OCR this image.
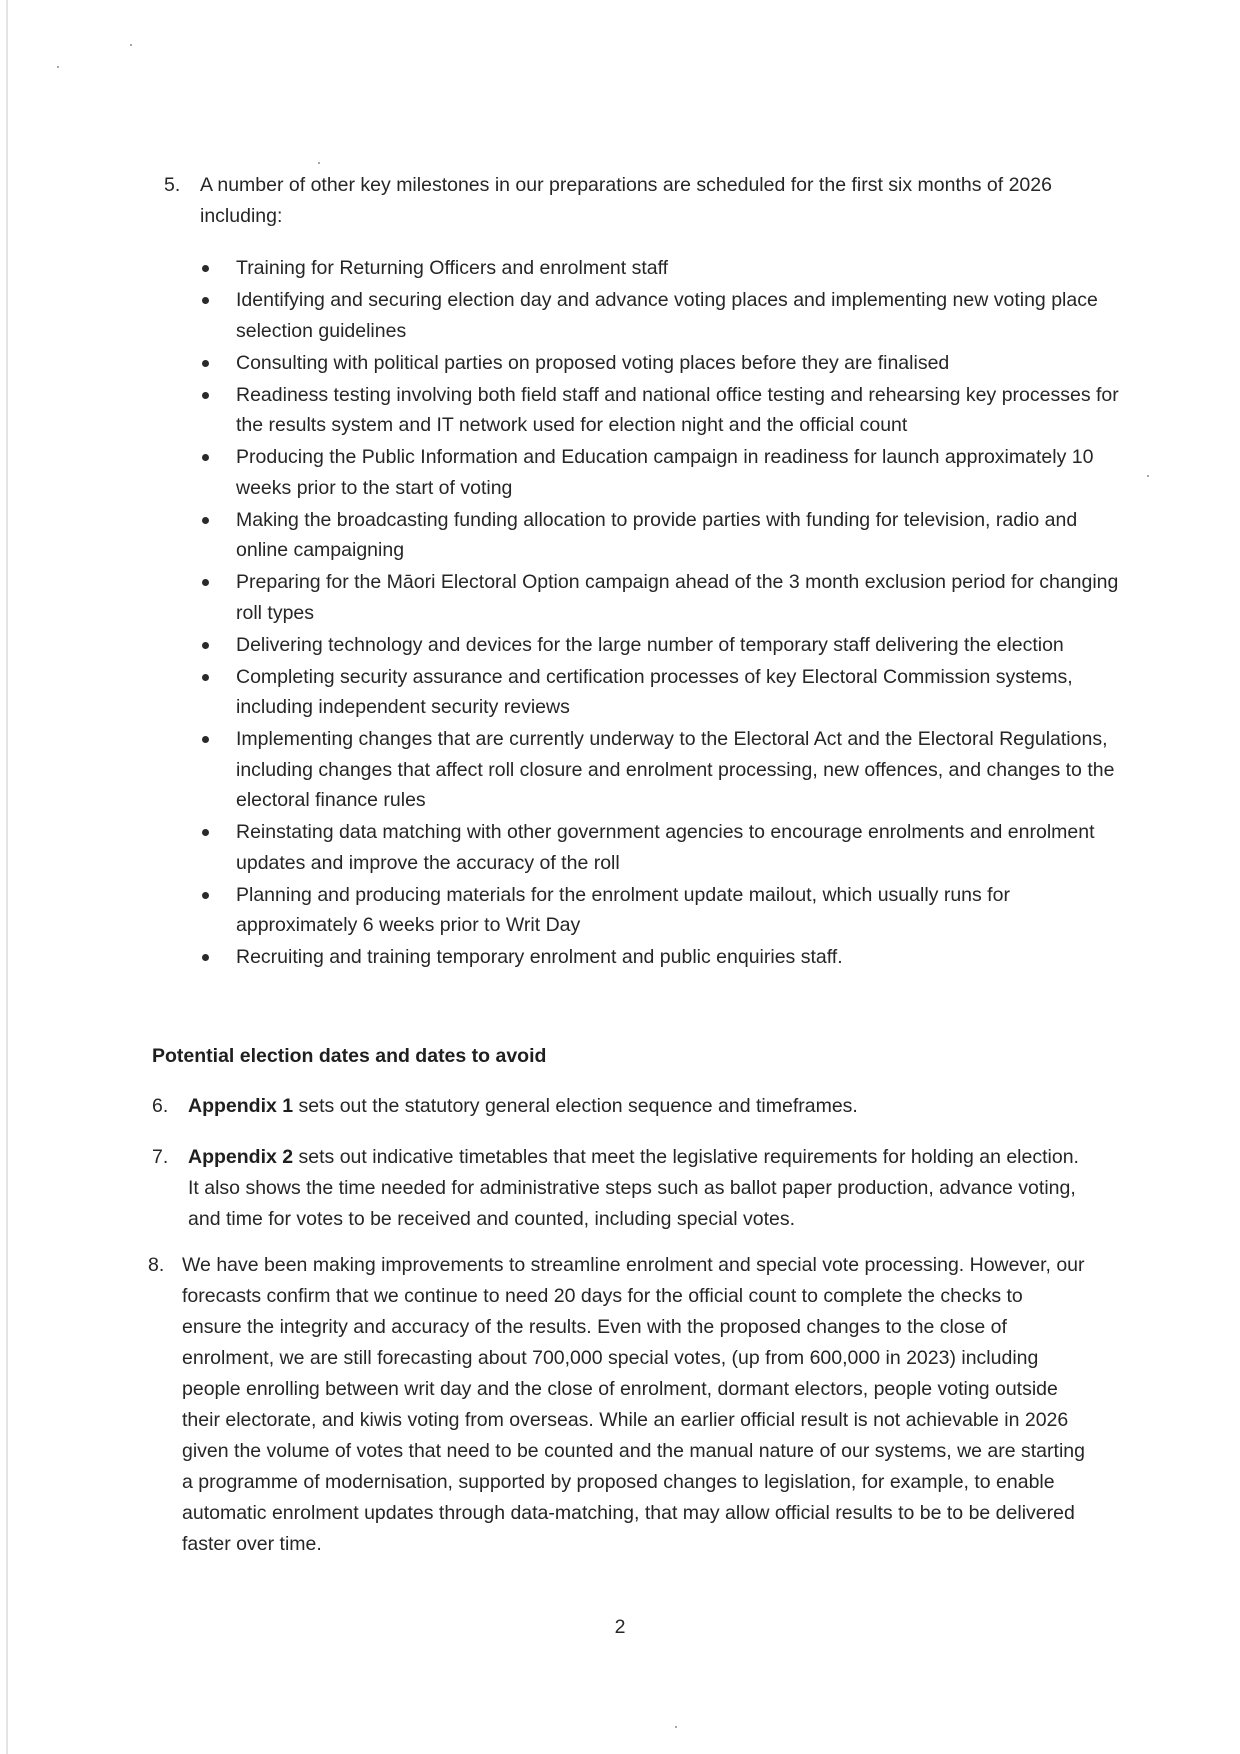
5. A number of other key milestones in our preparations are scheduled for the first six months of 2026 including:

Training for Returning Officers and enrolment staff
Identifying and securing election day and advance voting places and implementing new voting place selection guidelines
Consulting with political parties on proposed voting places before they are finalised
Readiness testing involving both field staff and national office testing and rehearsing key processes for the results system and IT network used for election night and the official count
Producing the Public Information and Education campaign in readiness for launch approximately 10 weeks prior to the start of voting
Making the broadcasting funding allocation to provide parties with funding for television, radio and online campaigning
Preparing for the Māori Electoral Option campaign ahead of the 3 month exclusion period for changing roll types
Delivering technology and devices for the large number of temporary staff delivering the election
Completing security assurance and certification processes of key Electoral Commission systems, including independent security reviews
Implementing changes that are currently underway to the Electoral Act and the Electoral Regulations, including changes that affect roll closure and enrolment processing, new offences, and changes to the electoral finance rules
Reinstating data matching with other government agencies to encourage enrolments and enrolment updates and improve the accuracy of the roll
Planning and producing materials for the enrolment update mailout, which usually runs for approximately 6 weeks prior to Writ Day
Recruiting and training temporary enrolment and public enquiries staff.
Potential election dates and dates to avoid
6. Appendix 1 sets out the statutory general election sequence and timeframes.

7. Appendix 2 sets out indicative timetables that meet the legislative requirements for holding an election. It also shows the time needed for administrative steps such as ballot paper production, advance voting, and time for votes to be received and counted, including special votes.

8. We have been making improvements to streamline enrolment and special vote processing. However, our forecasts confirm that we continue to need 20 days for the official count to complete the checks to ensure the integrity and accuracy of the results. Even with the proposed changes to the close of enrolment, we are still forecasting about 700,000 special votes, (up from 600,000 in 2023) including people enrolling between writ day and the close of enrolment, dormant electors, people voting outside their electorate, and kiwis voting from overseas. While an earlier official result is not achievable in 2026 given the volume of votes that need to be counted and the manual nature of our systems, we are starting a programme of modernisation, supported by proposed changes to legislation, for example, to enable automatic enrolment updates through data-matching, that may allow official results to be to be delivered faster over time.

2
